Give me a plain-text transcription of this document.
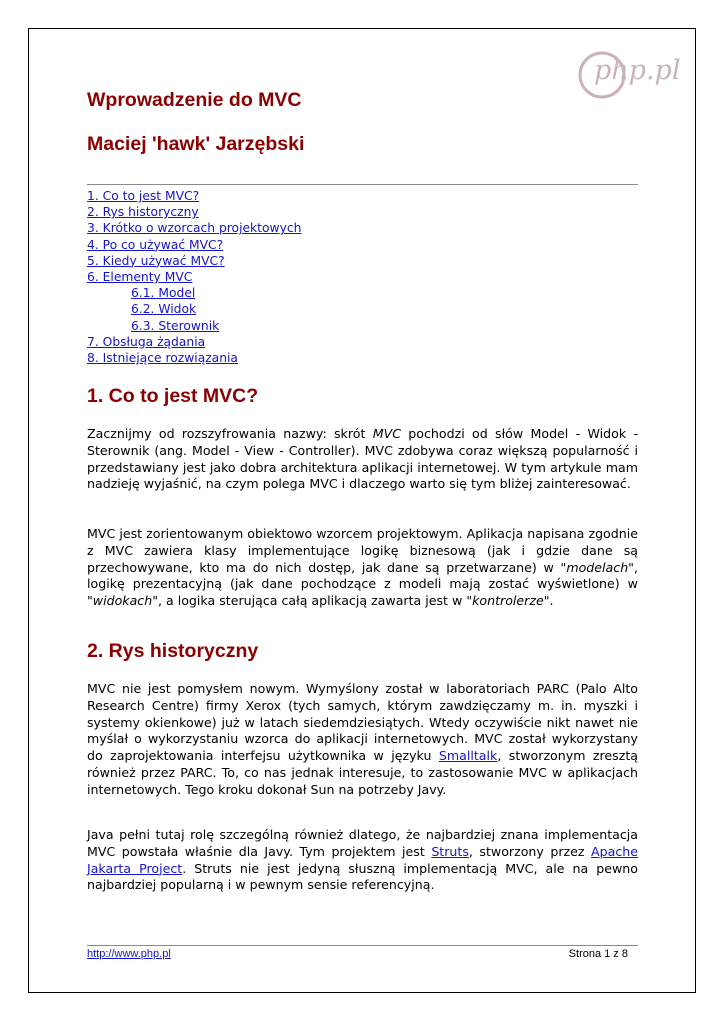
php.pl
Wprowadzenie do MVC
Maciej 'hawk' Jarzębski
1. Co to jest MVC?
2. Rys historyczny
3. Krótko o wzorcach projektowych
4. Po co używać MVC?
5. Kiedy używać MVC?
6. Elementy MVC
6.1. Model
6.2. Widok
6.3. Sterownik
7. Obsługa żądania
8. Istniejące rozwiązania
1. Co to jest MVC?

Zacznijmy od rozszyfrowania nazwy: skrót MVC pochodzi od słów Model - Widok - Sterownik (ang. Model - View - Controller). MVC zdobywa coraz większą popularność i przedstawiany jest jako dobra architektura aplikacji internetowej. W tym artykule mam nadzieję wyjaśnić, na czym polega MVC i dlaczego warto się tym bliżej zainteresować.

MVC jest zorientowanym obiektowo wzorcem projektowym. Aplikacja napisana zgodnie z MVC zawiera klasy implementujące logikę biznesową (jak i gdzie dane są przechowywane, kto ma do nich dostęp, jak dane są przetwarzane) w "modelach", logikę prezentacyjną (jak dane pochodzące z modeli mają zostać wyświetlone) w "widokach", a logika sterująca całą aplikacją zawarta jest w "kontrolerze".

2. Rys historyczny

MVC nie jest pomysłem nowym. Wymyślony został w laboratoriach PARC (Palo Alto Research Centre) firmy Xerox (tych samych, którym zawdzięczamy m. in. myszki i systemy okienkowe) już w latach siedemdziesiątych. Wtedy oczywiście nikt nawet nie myślał o wykorzystaniu wzorca do aplikacji internetowych. MVC został wykorzystany do zaprojektowania interfejsu użytkownika w języku Smalltalk, stworzonym zresztą również przez PARC. To, co nas jednak interesuje, to zastosowanie MVC w aplikacjach internetowych. Tego kroku dokonał Sun na potrzeby Javy.

Java pełni tutaj rolę szczególną również dlatego, że najbardziej znana implementacja MVC powstała właśnie dla Javy. Tym projektem jest Struts, stworzony przez Apache Jakarta Project. Struts nie jest jedyną słuszną implementacją MVC, ale na pewno najbardziej popularną i w pewnym sensie referencyjną.

http://www.php.pl	Strona 1 z 8
